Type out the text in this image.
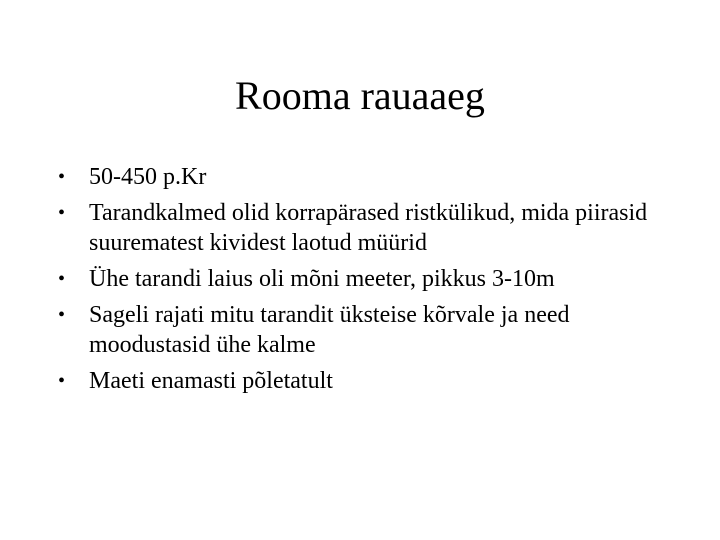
Rooma rauaaeg
• 50-450 p.Kr
• Tarandkalmed olid korrapärased ristkülikud, mida piirasid suurematest kividest laotud müürid
• Ühe tarandi laius oli mõni meeter, pikkus 3-10m
• Sageli rajati mitu tarandit üksteise kõrvale ja need moodustasid ühe kalme
• Maeti enamasti põletatult
